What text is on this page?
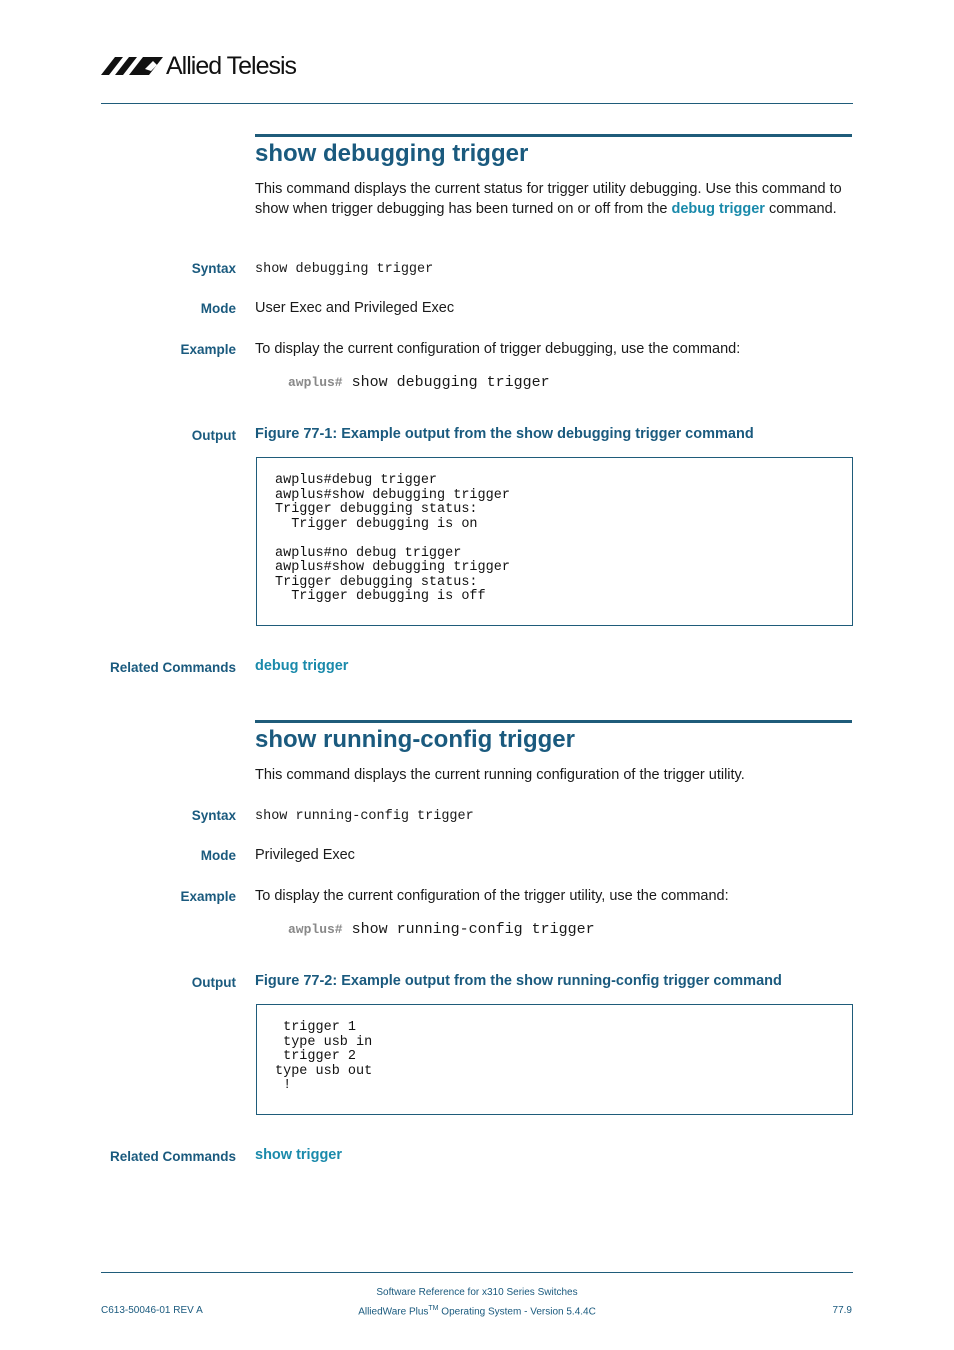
Allied Telesis
show debugging trigger
This command displays the current status for trigger utility debugging. Use this command to show when trigger debugging has been turned on or off from the debug trigger command.
Syntax show debugging trigger
Mode User Exec and Privileged Exec
Example To display the current configuration of trigger debugging, use the command:
awplus# show debugging trigger
Output Figure 77-1: Example output from the show debugging trigger command
awplus#debug trigger
awplus#show debugging trigger
Trigger debugging status:
Trigger debugging is on
awplus#no debug trigger
awplus#show debugging trigger
Trigger debugging status:
Trigger debugging is off
Related Commands debug trigger
show running-config trigger
This command displays the current running configuration of the trigger utility.
Syntax show running-config trigger
Mode Privileged Exec
Example To display the current configuration of the trigger utility, use the command:
awplus# show running-config trigger
Output Figure 77-2: Example output from the show running-config trigger command
trigger 1
type usb in
trigger 2
type usb out
!
Related Commands show trigger
C613-50046-01 REV A
Software Reference for x310 Series Switches
AlliedWare Plus™ Operating System - Version 5.4.4C	77.9
